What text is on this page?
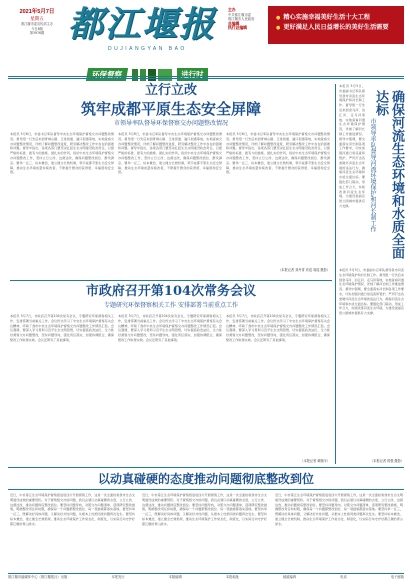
2021年5月7日
星期五
都江堰市委宣传部主办
今日8版
第3976期 都江堰报
DUJIANGYAN BAO

主办

中共都江堰市委

都江堰市人民政府

总编辑

执行总编辑

● 精心实施幸福美好生活十大工程
● 更好满足人民日益增长的美好生活需要
环保督察	进行时
立行立改
筑牢成都平原生态安全屏障
市领导率队督导环保督察交办问题整改情况
本报讯 5月6日，市委书记率队督导中央生态环境保护督察交办问题整改情况。督导组一行先后来到青城山镇、玉堂街道、灌口街道等地，实地查看交办问题整改情况，详细了解问题整改进度，研究解决整改工作中存在的困难和问题。督导中指出，各级各部门要坚决扛起生态文明建设政治责任，以最严格的标准、最有力的措施、最扎实的作风，抓好中央生态环境保护督察交办问题整改工作，坚持立行立改、边督边改，确保问题整改到位、群众满意。要举一反三、标本兼治，建立健全长效机制，筑牢成都平原生态安全屏障，推动生态环境质量持续改善，不断提升群众的获得感、幸福感和安全感。
本报讯 5月6日，市委书记率队督导中央生态环境保护督察交办问题整改情况。督导组一行先后来到青城山镇、玉堂街道、灌口街道等地，实地查看交办问题整改情况，详细了解问题整改进度，研究解决整改工作中存在的困难和问题。督导中指出，各级各部门要坚决扛起生态文明建设政治责任，以最严格的标准、最有力的措施、最扎实的作风，抓好中央生态环境保护督察交办问题整改工作，坚持立行立改、边督边改，确保问题整改到位、群众满意。要举一反三、标本兼治，建立健全长效机制，筑牢成都平原生态安全屏障，推动生态环境质量持续改善，不断提升群众的获得感、幸福感和安全感。
本报讯 5月6日，市委书记率队督导中央生态环境保护督察交办问题整改情况。督导组一行先后来到青城山镇、玉堂街道、灌口街道等地，实地查看交办问题整改情况，详细了解问题整改进度，研究解决整改工作中存在的困难和问题。督导中指出，各级各部门要坚决扛起生态文明建设政治责任，以最严格的标准、最有力的措施、最扎实的作风，抓好中央生态环境保护督察交办问题整改工作，坚持立行立改、边督边改，确保问题整改到位、群众满意。要举一反三、标本兼治，建立健全长效机制，筑牢成都平原生态安全屏障，推动生态环境质量持续改善，不断提升群众的获得感、幸福感和安全感。
（本报记者 刘丹青 邓泓 周瑶 摄影）
市政府召开第104次常务会议
专题研究环保督察相关工作 安排部署当前重点工作
本报讯 5月7日，市政府召开第104次常务会议，专题研究环保督察相关工作，安排部署当前重点工作。会议传达学习了中央生态环境保护督察有关会议精神，听取了我市中央生态环境保护督察交办问题整改工作情况汇报。会议强调，要深入学习贯彻习近平生态文明思想，切实提高政治站位，全力抓好督察交办问题整改，坚持问题导向，强化责任落实，加强协调配合，确保整改工作取得实效。会议还研究了其他事项。
本报讯 5月7日，市政府召开第104次常务会议，专题研究环保督察相关工作，安排部署当前重点工作。会议传达学习了中央生态环境保护督察有关会议精神，听取了我市中央生态环境保护督察交办问题整改工作情况汇报。会议强调，要深入学习贯彻习近平生态文明思想，切实提高政治站位，全力抓好督察交办问题整改，坚持问题导向，强化责任落实，加强协调配合，确保整改工作取得实效。会议还研究了其他事项。
本报讯 5月7日，市政府召开第104次常务会议，专题研究环保督察相关工作，安排部署当前重点工作。会议传达学习了中央生态环境保护督察有关会议精神，听取了我市中央生态环境保护督察交办问题整改工作情况汇报。会议强调，要深入学习贯彻习近平生态文明思想，切实提高政治站位，全力抓好督察交办问题整改，坚持问题导向，强化责任落实，加强协调配合，确保整改工作取得实效。会议还研究了其他事项。
（本报记者 黄顺平）
确保河流生态环境和水质全面达标
市领导率队督导河流环境保护和河长制工作
本报讯 5月5日，市委副书记率队督导我市河流生态环境保护和河长制工作。督导组一行先后来到金马河、泊江河、走马河等地，实地查看河道生态环境保护情况，详细了解河长制工作推进情况。督导中强调，要全面落实河长制各项工作要求，切实加强河道日常巡查和管护，严厉打击各类破坏河流生态环境的违法行为，确保河流生态环境和水质全面达标。要强化部门联动，形成工作合力，持续改善河流生态环境，为建设美丽宜居公园城市提供有力支撑。
本报讯 5月5日，市委副书记率队督导我市河流生态环境保护和河长制工作。督导组一行先后来到金马河、泊江河、走马河等地，实地查看河道生态环境保护情况，详细了解河长制工作推进情况。督导中强调，要全面落实河长制各项工作要求，切实加强河道日常巡查和管护，严厉打击各类破坏河流生态环境的违法行为，确保河流生态环境和水质全面达标。要强化部门联动，形成工作合力，持续改善河流生态环境，为建设美丽宜居公园城市提供有力支撑。
（本报记者 郭强 摄影）
以动真碰硬的态度推动问题彻底整改到位
近日，中央第五生态环境保护督察组进驻四川开展督察工作，这是一次全面检验我市生态文明建设成效的重要契机。对于督察组交办的问题，我们必须以动真碰硬的态度，立行立改、边督边改，推动问题彻底整改到位。要坚持问题导向，对照交办问题清单，逐项研究整改措施，明确整改责任和时限，确保每一个问题都整改到位、每一项措施都落实落地。要坚持举一反三，既解决好具体问题，又解决好共性问题，从根本上杜绝同类问题再次发生。要坚持标本兼治，建立健全长效机制，推动生态环境保护工作常态化、制度化，以实际行动守护好都江堰的青山绿水。
近日，中央第五生态环境保护督察组进驻四川开展督察工作，这是一次全面检验我市生态文明建设成效的重要契机。对于督察组交办的问题，我们必须以动真碰硬的态度，立行立改、边督边改，推动问题彻底整改到位。要坚持问题导向，对照交办问题清单，逐项研究整改措施，明确整改责任和时限，确保每一个问题都整改到位、每一项措施都落实落地。要坚持举一反三，既解决好具体问题，又解决好共性问题，从根本上杜绝同类问题再次发生。要坚持标本兼治，建立健全长效机制，推动生态环境保护工作常态化、制度化，以实际行动守护好都江堰的青山绿水。
近日，中央第五生态环境保护督察组进驻四川开展督察工作，这是一次全面检验我市生态文明建设成效的重要契机。对于督察组交办的问题，我们必须以动真碰硬的态度，立行立改、边督边改，推动问题彻底整改到位。要坚持问题导向，对照交办问题清单，逐项研究整改措施，明确整改责任和时限，确保每一个问题都整改到位、每一项措施都落实落地。要坚持举一反三，既解决好具体问题，又解决好共性问题，从根本上杜绝同类问题再次发生。要坚持标本兼治，建立健全长效机制，推动生态环境保护工作常态化、制度化，以实际行动守护好都江堰的青山绿水。
都江堰市融媒体中心（都江堰报社）出版	本报发行	本版编辑	本报地址	邮政编码	电话	电子邮箱
